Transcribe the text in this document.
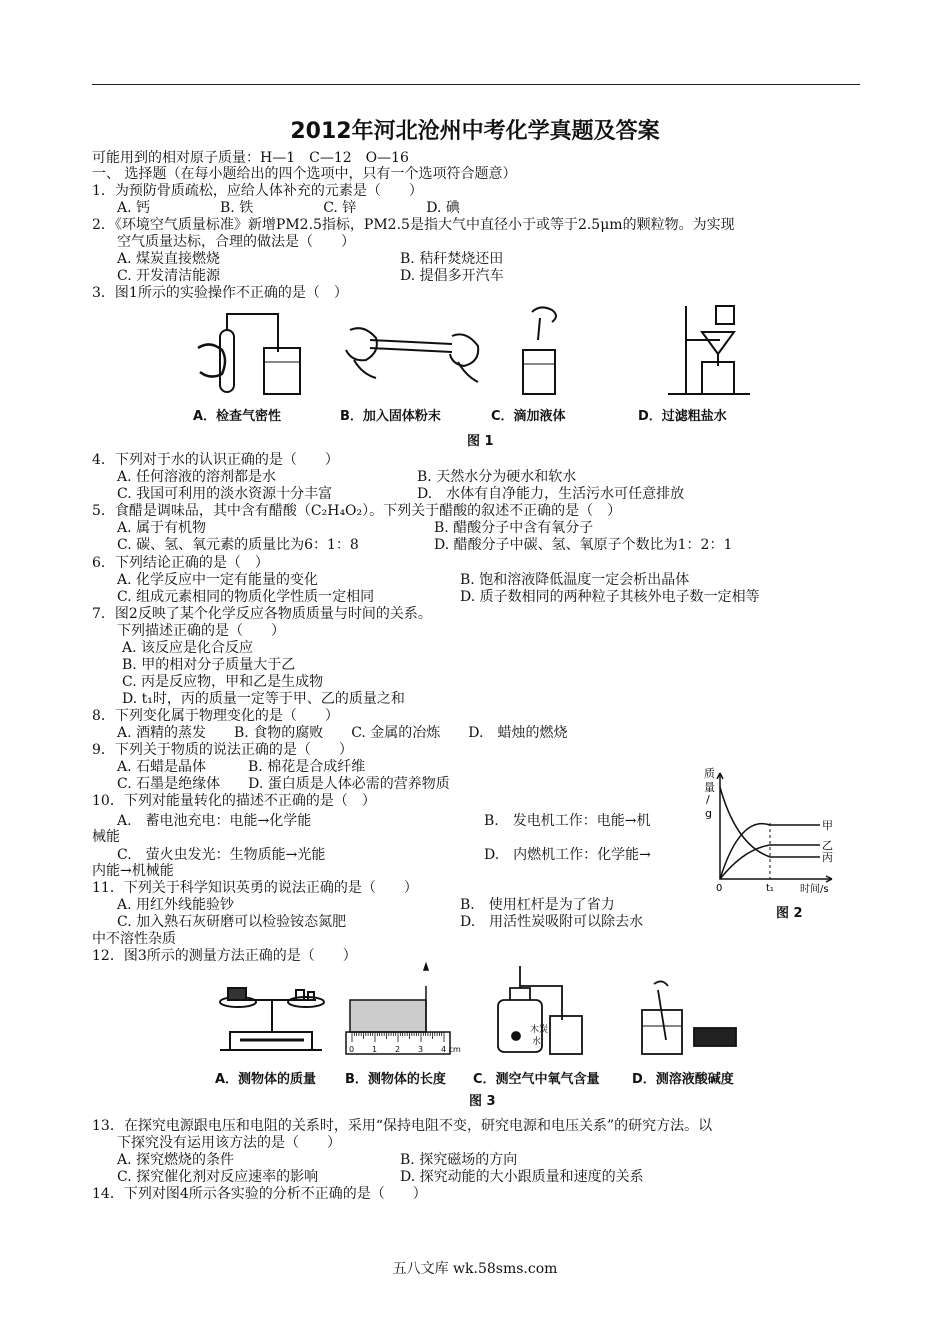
2012年河北沧州中考化学真题及答案
可能用到的相对原子质量：H—1　C—12　O—16
一、 选择题（在每小题给出的四个选项中，只有一个选项符合题意）
1．为预防骨质疏松，应给人体补充的元素是（　　）
A. 钙　　　　　B. 铁　　　　　C. 锌　　　　　D. 碘
2．《环境空气质量标准》新增PM2.5指标，PM2.5是指大气中直径小于或等于2.5μm的颗粒物。为实现
空气质量达标，合理的做法是（　　）
A. 煤炭直接燃烧	B. 秸秆焚烧还田
C. 开发清洁能源	D. 提倡多开汽车
3．图1所示的实验操作不正确的是（　）
4．下列对于水的认识正确的是（　　）
A. 任何溶液的溶剂都是水	B. 天然水分为硬水和软水
C. 我国可利用的淡水资源十分丰富	D.　水体有自净能力，生活污水可任意排放
5．食醋是调味品，其中含有醋酸（C₂H₄O₂）。下列关于醋酸的叙述不正确的是（　）
A. 属于有机物	B. 醋酸分子中含有氧分子
C. 碳、氢、氧元素的质量比为6：1：8	D. 醋酸分子中碳、氢、氧原子个数比为1：2：1
6．下列结论正确的是（　）
A. 化学反应中一定有能量的变化	B. 饱和溶液降低温度一定会析出晶体
C. 组成元素相同的物质化学性质一定相同	D. 质子数相同的两种粒子其核外电子数一定相等
7．图2反映了某个化学反应各物质质量与时间的关系。
下列描述正确的是（　　）
A. 该反应是化合反应
B. 甲的相对分子质量大于乙
C. 丙是反应物，甲和乙是生成物
D. t₁时，丙的质量一定等于甲、乙的质量之和
8．下列变化属于物理变化的是（　　）
A. 酒精的蒸发　　B. 食物的腐败　　C. 金属的冶炼　　D.　蜡烛的燃烧
9．下列关于物质的说法正确的是（　　）
A. 石蜡是晶体　　　B. 棉花是合成纤维
C. 石墨是绝缘体　　D. 蛋白质是人体必需的营养物质
10．下列对能量转化的描述不正确的是（　）
A.　蓄电池充电：电能→化学能	B.　发电机工作：电能→机
械能
C.　萤火虫发光：生物质能→光能	D.　内燃机工作：化学能→
内能→机械能
11．下列关于科学知识英勇的说法正确的是（　　）
A. 用红外线能验钞	B.　使用杠杆是为了省力
C. 加入熟石灰研磨可以检验铵态氮肥	D.　用活性炭吸附可以除去水
中不溶性杂质
12．图3所示的测量方法正确的是（　　）
13．在探究电源跟电压和电阻的关系时，采用“保持电阻不变，研究电源和电压关系”的研究方法。以
下探究没有运用该方法的是（　　）
A. 探究燃烧的条件	B. 探究磁场的方向
C. 探究催化剂对反应速率的影响	D. 探究动能的大小跟质量和速度的关系
14．下列对图4所示各实验的分析不正确的是（　　）
A．检查气密性	B．加入固体粉末	C．滴加液体	D．过滤粗盐水
图 1
质
量
/
g
甲
乙
丙
0	t₁	时间/s
图 2
0 1 2 3 4 cm
木炭
水
A．测物体的质量 B．测物体的长度 C．测空气中氧气含量 D．测溶液酸碱度
图 3
五八文库 wk.58sms.com
